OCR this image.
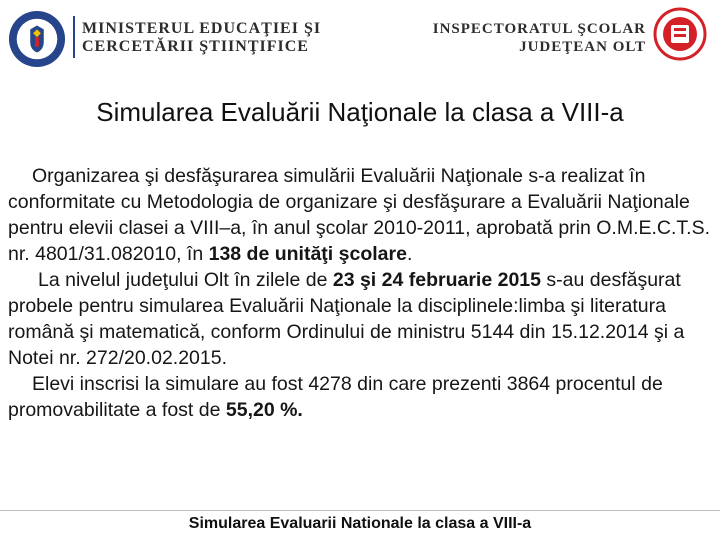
MINISTERUL EDUCAŢIEI ŞI
CERCETĂRII ŞTIINŢIFICE
INSPECTORATUL ŞCOLAR
JUDEŢEAN OLT
Simularea Evaluării Naţionale la clasa a VIII-a

Organizarea şi desfăşurarea simulării Evaluării Naţionale s-a realizat în conformitate cu Metodologia de organizare şi desfăşurare a Evaluării Naţionale pentru elevii clasei a VIII–a, în anul şcolar 2010-2011, aprobată prin O.M.E.C.T.S. nr. 4801/31.082010, în 138 de unităţi şcolare.

La nivelul judeţului Olt în zilele de 23 şi 24 februarie 2015 s-au desfăşurat probele pentru simularea Evaluării Naţionale la disciplinele:limba şi literatura română şi matematică, conform Ordinului de ministru 5144 din 15.12.2014 şi a Notei nr. 272/20.02.2015.

Elevi inscrisi la simulare au fost 4278 din care prezenti 3864 procentul de promovabilitate a fost de 55,20 %.

Simularea Evaluarii Nationale la clasa a VIII-a
